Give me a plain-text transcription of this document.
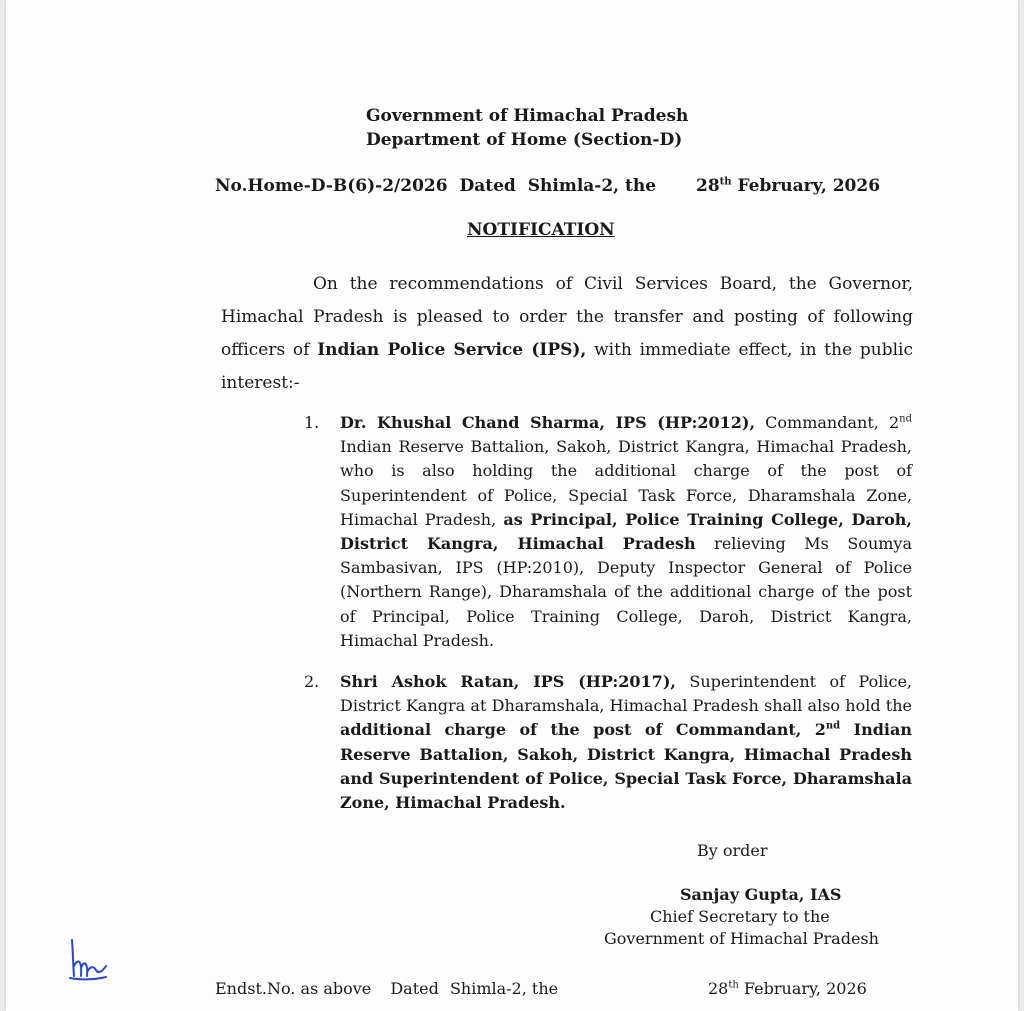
Government of Himachal Pradesh
Department of Home (Section-D)
No.Home-D-B(6)-2/2026 Dated Shimla-2, the 28th February, 2026
NOTIFICATION
On the recommendations of Civil Services Board, the Governor, Himachal Pradesh is pleased to order the transfer and posting of following officers of Indian Police Service (IPS), with immediate effect, in the public interest:-
1. Dr. Khushal Chand Sharma, IPS (HP:2012), Commandant, 2nd Indian Reserve Battalion, Sakoh, District Kangra, Himachal Pradesh, who is also holding the additional charge of the post of Superintendent of Police, Special Task Force, Dharamshala Zone, Himachal Pradesh, as Principal, Police Training College, Daroh, District Kangra, Himachal Pradesh relieving Ms Soumya Sambasivan, IPS (HP:2010), Deputy Inspector General of Police (Northern Range), Dharamshala of the additional charge of the post of Principal, Police Training College, Daroh, District Kangra, Himachal Pradesh.
2. Shri Ashok Ratan, IPS (HP:2017), Superintendent of Police, District Kangra at Dharamshala, Himachal Pradesh shall also hold the additional charge of the post of Commandant, 2nd Indian Reserve Battalion, Sakoh, District Kangra, Himachal Pradesh and Superintendent of Police, Special Task Force, Dharamshala Zone, Himachal Pradesh.
By order
Sanjay Gupta, IAS
Chief Secretary to the
Government of Himachal Pradesh
Endst.No. as above Dated Shimla-2, the	28th February, 2026
